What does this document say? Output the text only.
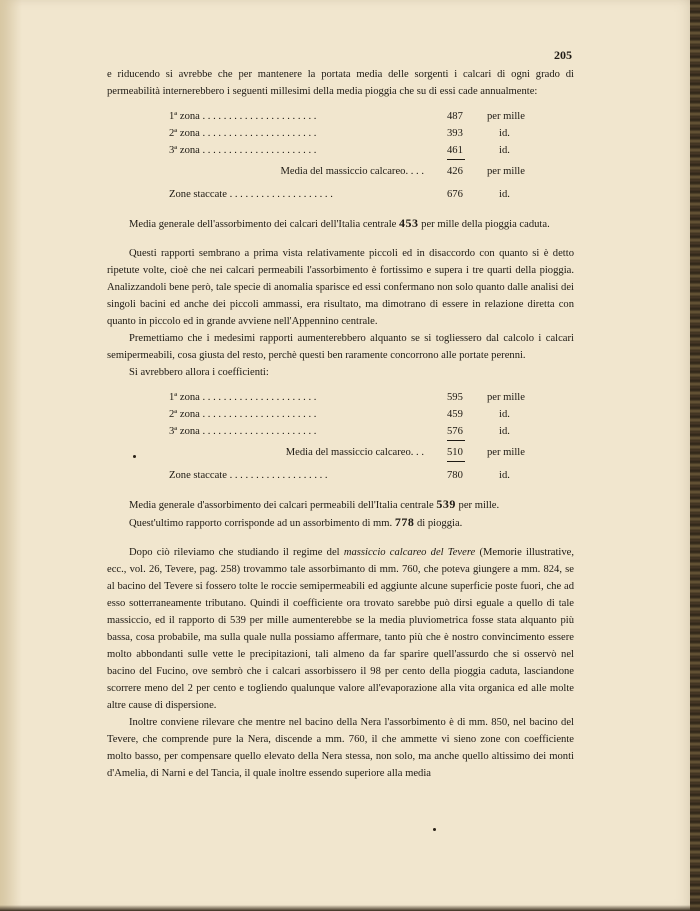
205

e riducendo si avrebbe che per mantenere la portata media delle sorgenti i calcari di ogni grado di permeabilità internerebbero i seguenti millesimi della media pioggia che su di essi cade annualmente:

1ª zona . . . . . . . . . . . . . . . . . . . . . .	487 per mille
2ª zona . . . . . . . . . . . . . . . . . . . . . .	393	id.
3ª zona . . . . . . . . . . . . . . . . . . . . . .	461	id.
Media del massiccio calcareo. . . . 426 per mille
Zone staccate . . . . . . . . . . . . . . . . . . . .	676	id.

Media generale dell'assorbimento dei calcari dell'Italia centrale 453 per mille della pioggia caduta.

Questi rapporti sembrano a prima vista relativamente piccoli ed in disaccordo con quanto si è detto ripetute volte, cioè che nei calcari permeabili l'assorbimento è fortissimo e supera i tre quarti della pioggia. Analizzandoli bene però, tale specie di anomalia sparisce ed essi confermano non solo quanto dalle analisi dei singoli bacini ed anche dei piccoli ammassi, era risultato, ma dimotrano di essere in relazione diretta con quanto in piccolo ed in grande avviene nell'Appennino centrale.

Premettiamo che i medesimi rapporti aumenterebbero alquanto se si togliessero dal calcolo i calcari semipermeabili, cosa giusta del resto, perchè questi ben raramente concorrono alle portate perenni.

Si avrebbero allora i coefficienti:

1ª zona . . . . . . . . . . . . . . . . . . . . . .	595 per mille
2ª zona . . . . . . . . . . . . . . . . . . . . . .	459	id.
3ª zona . . . . . . . . . . . . . . . . . . . . . .	576	id.
Media del massiccio calcareo. . . 510 per mille
Zone staccate . . . . . . . . . . . . . . . . . . .	780	id.

Media generale d'assorbimento dei calcari permeabili dell'Italia centrale 539 per mille.

Quest'ultimo rapporto corrisponde ad un assorbimento di mm. 778 di pioggia.

Dopo ciò rileviamo che studiando il regime del massiccio calcareo del Tevere (Memorie illustrative, ecc., vol. 26, Tevere, pag. 258) trovammo tale assorbimanto di mm. 760, che poteva giungere a mm. 824, se al bacino del Tevere si fossero tolte le roccie semipermeabili ed aggiunte alcune superficie poste fuori, che ad esso sotterraneamente tributano. Quindi il coefficiente ora trovato sarebbe può dirsi eguale a quello di tale massiccio, ed il rapporto di 539 per mille aumenterebbe se la media pluviometrica fosse stata alquanto più bassa, cosa probabile, ma sulla quale nulla possiamo affermare, tanto più che è nostro convincimento essere molto abbondanti sulle vette le precipitazioni, tali almeno da far sparire quell'assurdo che si osservò nel bacino del Fucino, ove sembrò che i calcari assorbissero il 98 per cento della pioggia caduta, lasciandone scorrere meno del 2 per cento e togliendo qualunque valore all'evaporazione alla vita organica ed alle molte altre cause di dispersione.

Inoltre conviene rilevare che mentre nel bacino della Nera l'assorbimento è di mm. 850, nel bacino del Tevere, che comprende pure la Nera, discende a mm. 760, il che ammette vi sieno zone con coefficiente molto basso, per compensare quello elevato della Nera stessa, non solo, ma anche quello altissimo dei monti d'Amelia, di Narni e del Tancia, il quale inoltre essendo superiore alla media
